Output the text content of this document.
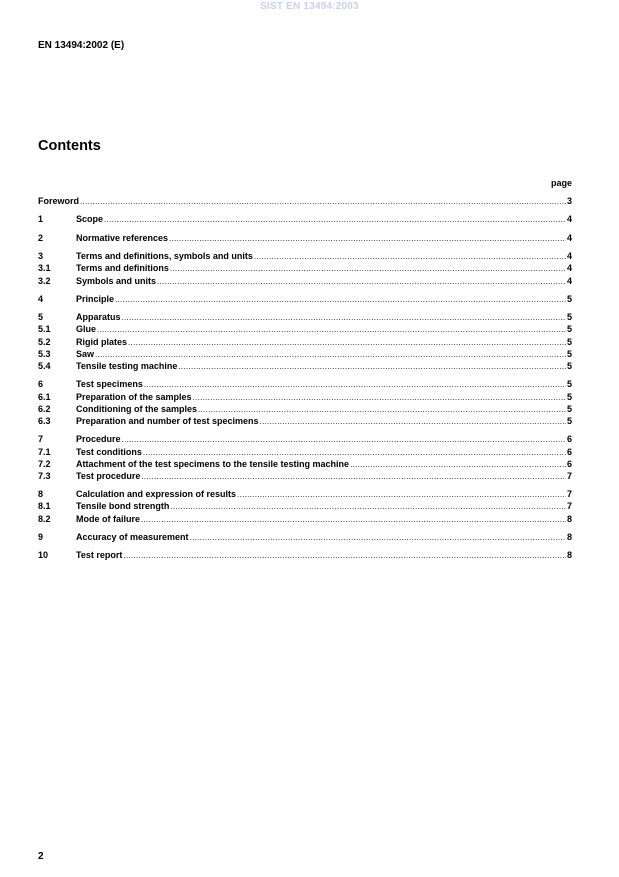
SIST EN 13494:2003
EN 13494:2002 (E)
Contents
page
Foreword .....	3
1	Scope .....	4
2	Normative references .....	4
3	Terms and definitions, symbols and units .....	4
3.1	Terms and definitions .....	4
3.2	Symbols and units .....	4
4	Principle .....	5
5	Apparatus .....	5
5.1	Glue .....	5
5.2	Rigid plates .....	5
5.3	Saw .....	5
5.4	Tensile testing machine .....	5
6	Test specimens .....	5
6.1	Preparation of the samples .....	5
6.2	Conditioning of the samples .....	5
6.3	Preparation and number of test specimens .....	5
7	Procedure .....	6
7.1	Test conditions .....	6
7.2	Attachment of the test specimens to the tensile testing machine .....	6
7.3	Test procedure .....	7
8	Calculation and expression of results .....	7
8.1	Tensile bond strength .....	7
8.2	Mode of failure .....	8
9	Accuracy of measurement .....	8
10	Test report .....	8
2
